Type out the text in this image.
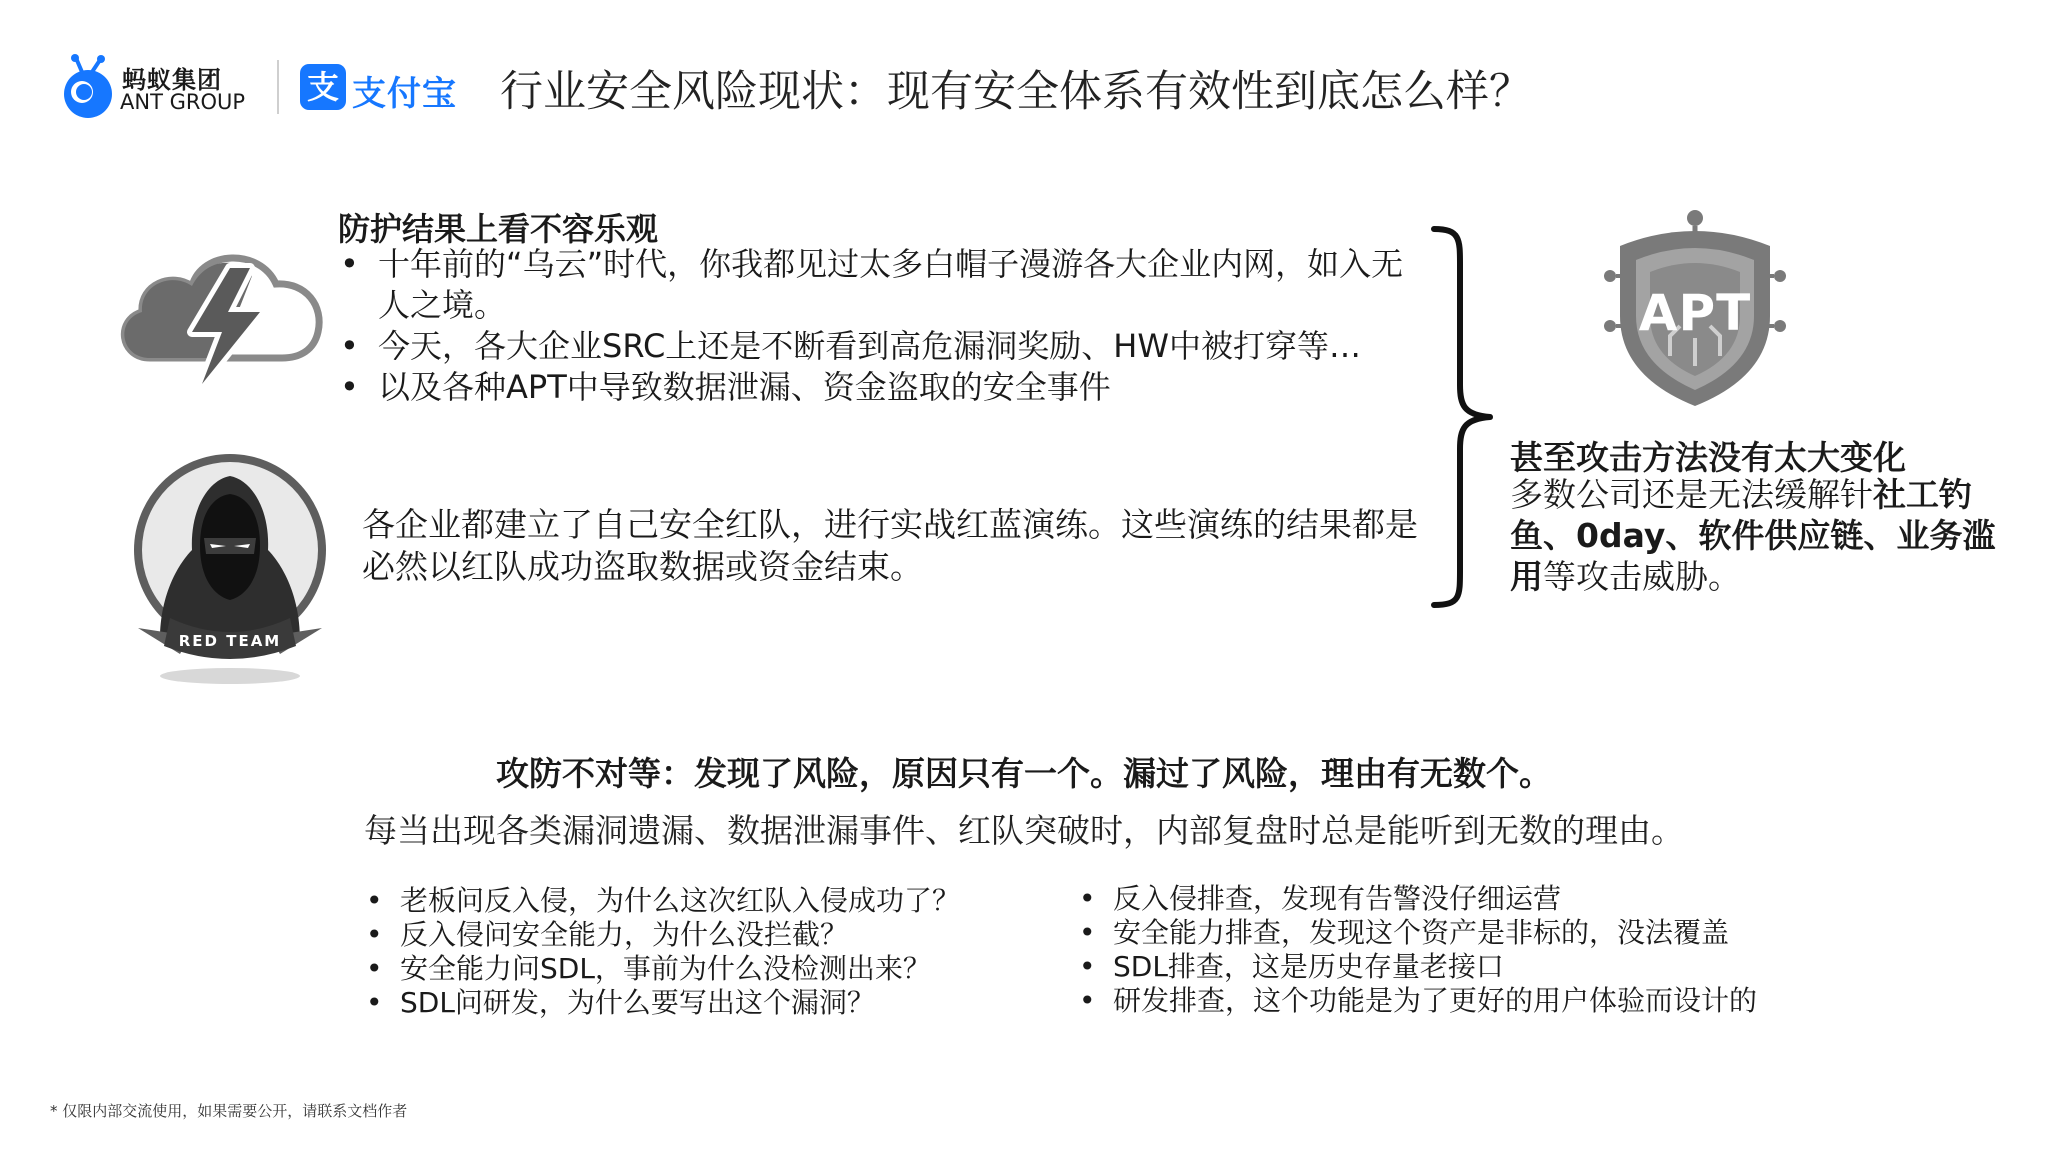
蚂蚁集团
ANT GROUP 支 支付宝 行业安全风险现状：现有安全体系有效性到底怎么样？
RED TEAM
防护结果上看不容乐观
• 十年前的“乌云”时代，你我都见过太多白帽子漫游各大企业内网，如入无人之境。
• 今天，各大企业SRC上还是不断看到高危漏洞奖励、HW中被打穿等…
• 以及各种APT中导致数据泄漏、资金盗取的安全事件
各企业都建立了自己安全红队，进行实战红蓝演练。这些演练的结果都是必然以红队成功盗取数据或资金结束。
APT
甚至攻击方法没有太大变化
多数公司还是无法缓解针社工钓鱼、0day、软件供应链、业务滥用等攻击威胁。
攻防不对等：发现了风险，原因只有一个。漏过了风险，理由有无数个。
每当出现各类漏洞遗漏、数据泄漏事件、红队突破时，内部复盘时总是能听到无数的理由。
• 老板问反入侵，为什么这次红队入侵成功了？
• 反入侵问安全能力，为什么没拦截？
• 安全能力问SDL，事前为什么没检测出来？
• SDL问研发，为什么要写出这个漏洞？
• 反入侵排查，发现有告警没仔细运营
• 安全能力排查，发现这个资产是非标的，没法覆盖
• SDL排查，这是历史存量老接口
• 研发排查，这个功能是为了更好的用户体验而设计的
* 仅限内部交流使用，如果需要公开，请联系文档作者
